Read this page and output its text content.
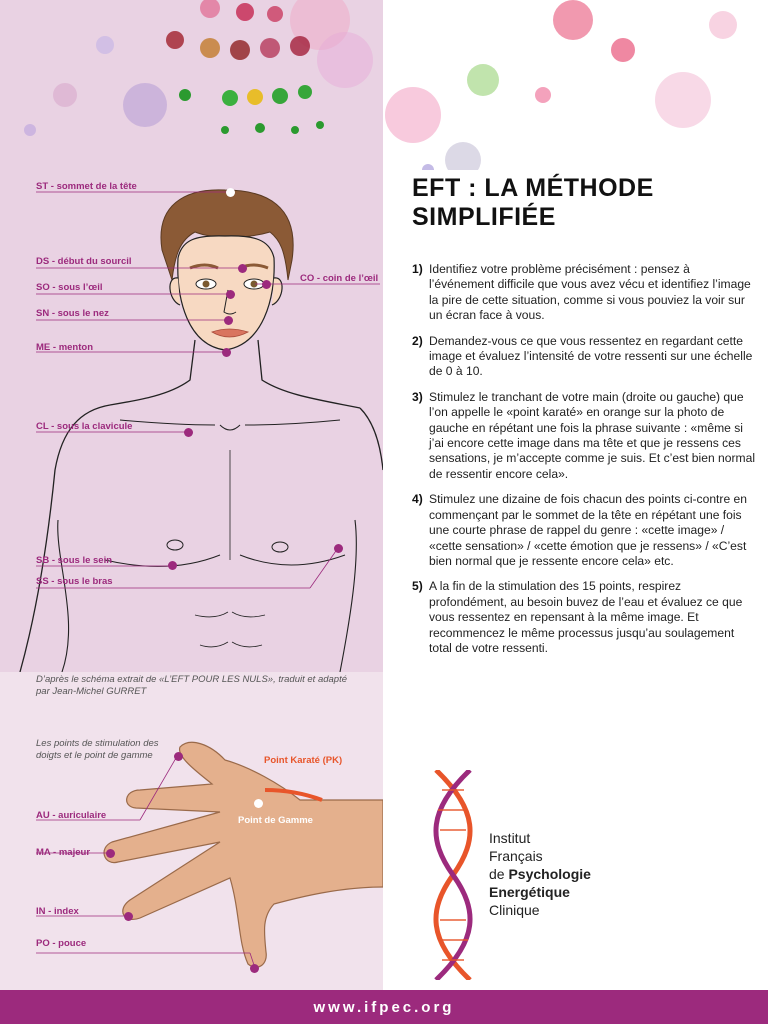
ST - sommet de la tête
DS - début du sourcil
SO - sous l’œil
CO - coin de l’œil
SN - sous le nez
ME - menton
CL - sous la clavicule
SB - sous le sein
SS - sous le bras
D’après le schéma extrait de «L’EFT POUR LES NULS», traduit et adapté par Jean-Michel GURRET
Les points de stimulation des doigts et le point de gamme	Point Karaté (PK)
Point de Gamme
AU - auriculaire
MA - majeur
IN - index
PO - pouce
EFT : LA MÉTHODE SIMPLIFIÉE
1) Identifiez votre problème précisément : pensez à l’événement difficile que vous avez vécu et identifiez l’image la pire de cette situation, comme si vous pouviez la voir sur un écran face à vous.
2) Demandez-vous ce que vous ressentez en regardant cette image et évaluez l’intensité de votre ressenti sur une échelle de 0 à 10.
3) Stimulez le tranchant de votre main (droite ou gauche) que l’on appelle le «point karaté» en orange sur la photo de gauche en répétant une fois la phrase suivante : «même si j’ai encore cette image dans ma tête et que je ressens ces sensations, je m’accepte comme je suis. Et c’est bien normal de ressentir encore cela».
4) Stimulez une dizaine de fois chacun des points ci-contre en commençant par le sommet de la tête en répétant une fois une courte phrase de rappel du genre : «cette image» / «cette sensation» / «cette émotion que je ressens» / «C’est bien normal que je ressente encore cela» etc.
5) A la fin de la stimulation des 15 points, respirez profondément, au besoin buvez de l’eau et évaluez ce que vous ressentez en repensant à la même image. Et recommencez le même processus jusqu’au soulagement total de votre ressenti.
Institut
Français
de Psychologie
Energétique
Clinique
www.ifpec.org
